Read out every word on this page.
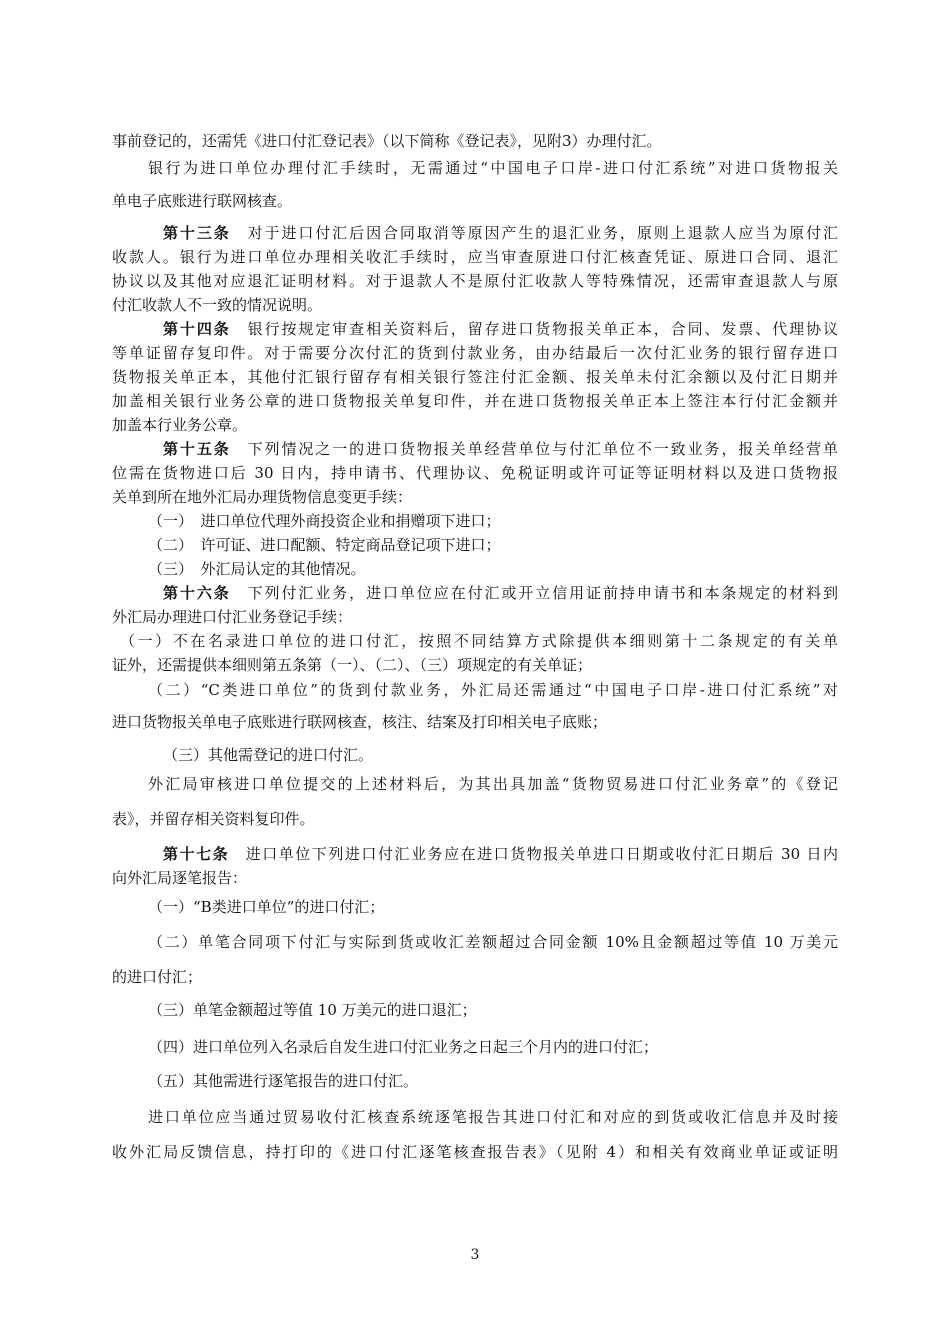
事前登记的，还需凭《进口付汇登记表》（以下简称《登记表》，见附3）办理付汇。
银行为进口单位办理付汇手续时，无需通过“中国电子口岸-进口付汇系统”对进口货物报关
单电子底账进行联网核查。
第十三条　对于进口付汇后因合同取消等原因产生的退汇业务，原则上退款人应当为原付汇
收款人。银行为进口单位办理相关收汇手续时，应当审查原进口付汇核查凭证、原进口合同、退汇
协议以及其他对应退汇证明材料。对于退款人不是原付汇收款人等特殊情况，还需审查退款人与原
付汇收款人不一致的情况说明。
第十四条　银行按规定审查相关资料后，留存进口货物报关单正本，合同、发票、代理协议
等单证留存复印件。对于需要分次付汇的货到付款业务，由办结最后一次付汇业务的银行留存进口
货物报关单正本，其他付汇银行留存有相关银行签注付汇金额、报关单未付汇余额以及付汇日期并
加盖相关银行业务公章的进口货物报关单复印件，并在进口货物报关单正本上签注本行付汇金额并
加盖本行业务公章。
第十五条　下列情况之一的进口货物报关单经营单位与付汇单位不一致业务，报关单经营单
位需在货物进口后 30 日内，持申请书、代理协议、免税证明或许可证等证明材料以及进口货物报
关单到所在地外汇局办理货物信息变更手续：
（一）　进口单位代理外商投资企业和捐赠项下进口；
（二）　许可证、进口配额、特定商品登记项下进口；
（三）　外汇局认定的其他情况。
第十六条　下列付汇业务，进口单位应在付汇或开立信用证前持申请书和本条规定的材料到
外汇局办理进口付汇业务登记手续：
（一）不在名录进口单位的进口付汇，按照不同结算方式除提供本细则第十二条规定的有关单
证外，还需提供本细则第五条第（一）、（二）、（三）项规定的有关单证；
（二）“C类进口单位”的货到付款业务，外汇局还需通过“中国电子口岸-进口付汇系统”对
进口货物报关单电子底账进行联网核查，核注、结案及打印相关电子底账；
（三）其他需登记的进口付汇。
外汇局审核进口单位提交的上述材料后，为其出具加盖“货物贸易进口付汇业务章”的《登记
表》，并留存相关资料复印件。
第十七条　进口单位下列进口付汇业务应在进口货物报关单进口日期或收付汇日期后 30 日内
向外汇局逐笔报告：
（一）“B类进口单位”的进口付汇；
（二）单笔合同项下付汇与实际到货或收汇差额超过合同金额 10%且金额超过等值 10 万美元
的进口付汇；
（三）单笔金额超过等值 10 万美元的进口退汇；
（四）进口单位列入名录后自发生进口付汇业务之日起三个月内的进口付汇；
（五）其他需进行逐笔报告的进口付汇。
进口单位应当通过贸易收付汇核查系统逐笔报告其进口付汇和对应的到货或收汇信息并及时接
收外汇局反馈信息，持打印的《进口付汇逐笔核查报告表》（见附 4）和相关有效商业单证或证明
3
